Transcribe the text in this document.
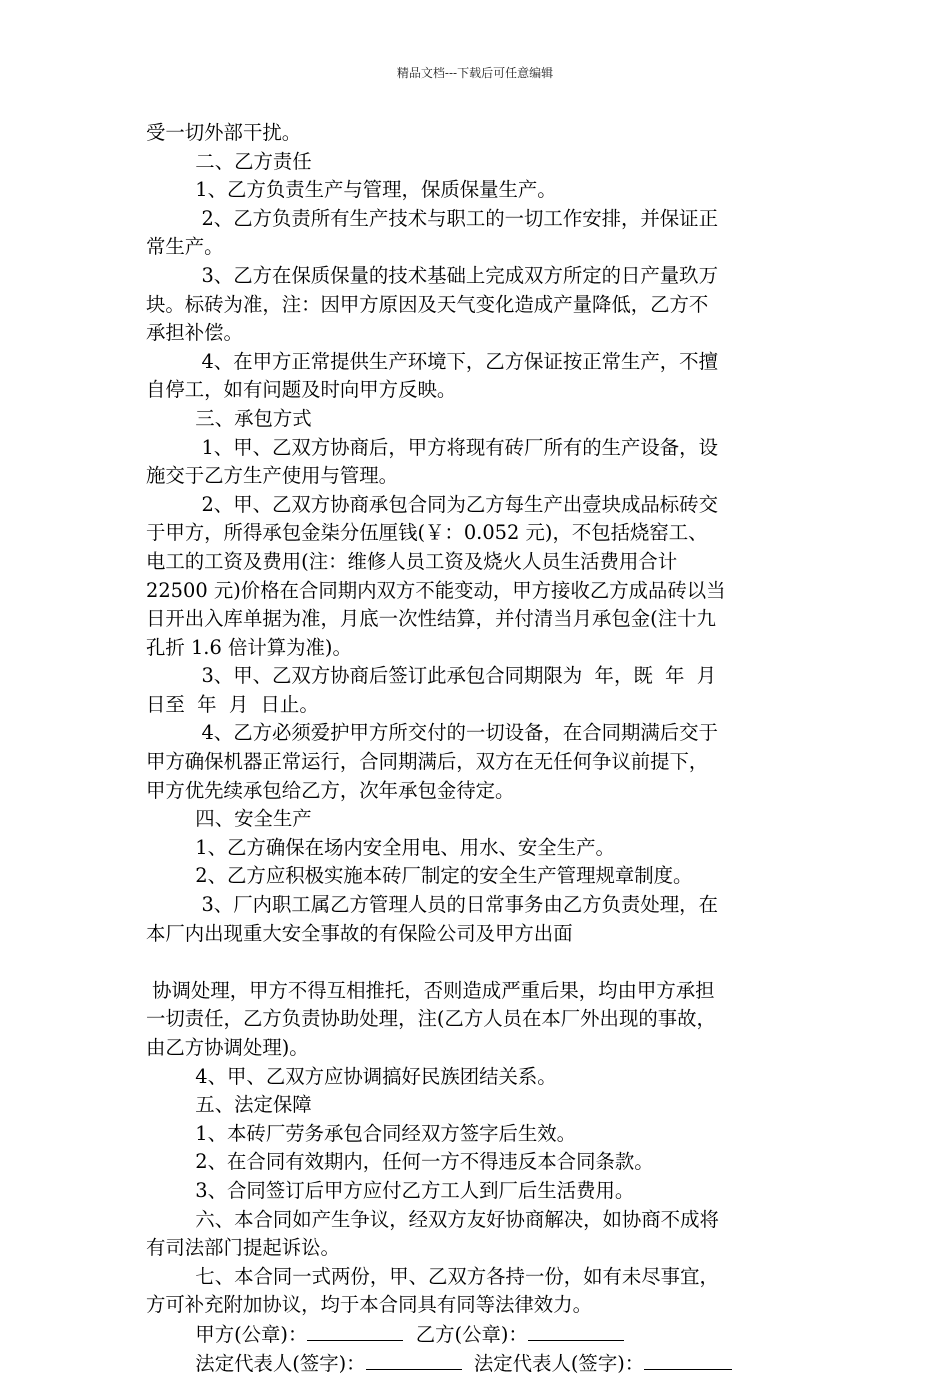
精品文档---下载后可任意编辑
受一切外部干扰。
二、乙方责任
1、乙方负责生产与管理，保质保量生产。
2、乙方负责所有生产技术与职工的一切工作安排，并保证正
常生产。
3、乙方在保质保量的技术基础上完成双方所定的日产量玖万
块。标砖为准，注：因甲方原因及天气变化造成产量降低，乙方不
承担补偿。
4、在甲方正常提供生产环境下，乙方保证按正常生产，不擅
自停工，如有问题及时向甲方反映。
三、承包方式
1、甲、乙双方协商后，甲方将现有砖厂所有的生产设备，设
施交于乙方生产使用与管理。
2、甲、乙双方协商承包合同为乙方每生产出壹块成品标砖交
于甲方，所得承包金柒分伍厘钱(￥：0.052 元)，不包括烧窑工、
电工的工资及费用(注：维修人员工资及烧火人员生活费用合计
22500 元)价格在合同期内双方不能变动，甲方接收乙方成品砖以当
日开出入库单据为准，月底一次性结算，并付清当月承包金(注十九
孔折 1.6 倍计算为准)。
3、甲、乙双方协商后签订此承包合同期限为  年，既  年  月
日至  年  月  日止。
4、乙方必须爱护甲方所交付的一切设备，在合同期满后交于
甲方确保机器正常运行，合同期满后，双方在无任何争议前提下，
甲方优先续承包给乙方，次年承包金待定。
四、安全生产
1、乙方确保在场内安全用电、用水、安全生产。
2、乙方应积极实施本砖厂制定的安全生产管理规章制度。
3、厂内职工属乙方管理人员的日常事务由乙方负责处理，在
本厂内出现重大安全事故的有保险公司及甲方出面
协调处理，甲方不得互相推托，否则造成严重后果，均由甲方承担
一切责任，乙方负责协助处理，注(乙方人员在本厂外出现的事故，
由乙方协调处理)。
4、甲、乙双方应协调搞好民族团结关系。
五、法定保障
1、本砖厂劳务承包合同经双方签字后生效。
2、在合同有效期内，任何一方不得违反本合同条款。
3、合同签订后甲方应付乙方工人到厂后生活费用。
六、本合同如产生争议，经双方友好协商解决，如协商不成将
有司法部门提起诉讼。
七、本合同一式两份，甲、乙双方各持一份，如有未尽事宜，
方可补充附加协议，均于本合同具有同等法律效力。
甲方(公章)：	乙方(公章)：
法定代表人(签字)：	法定代表人(签字)：
